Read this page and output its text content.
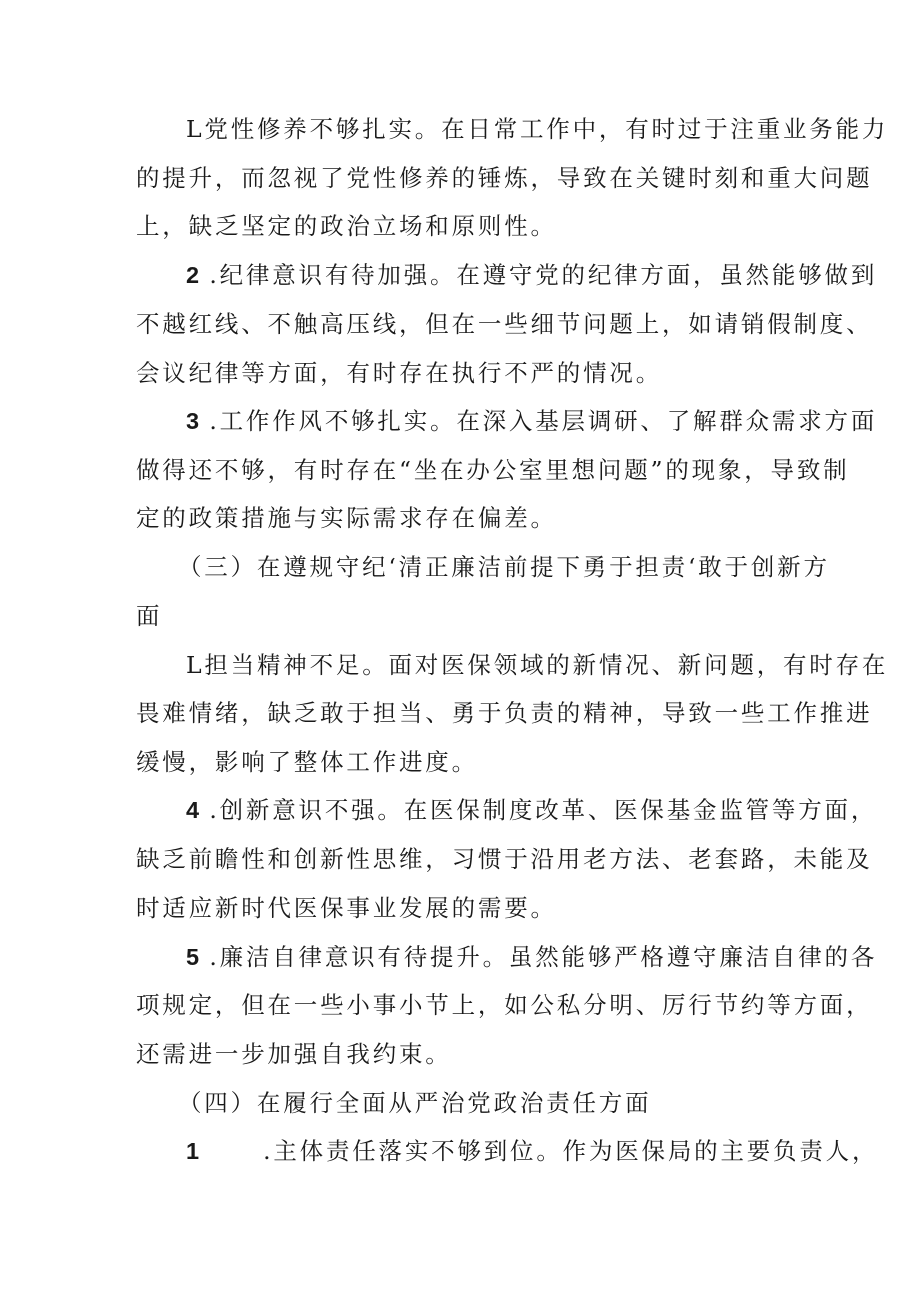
L党性修养不够扎实。在日常工作中，有时过于注重业务能力
的提升，而忽视了党性修养的锤炼，导致在关键时刻和重大问题
上，缺乏坚定的政治立场和原则性。
2 .纪律意识有待加强。在遵守党的纪律方面，虽然能够做到
不越红线、不触高压线，但在一些细节问题上，如请销假制度、
会议纪律等方面，有时存在执行不严的情况。
3 .工作作风不够扎实。在深入基层调研、了解群众需求方面
做得还不够，有时存在“坐在办公室里想问题”的现象，导致制
定的政策措施与实际需求存在偏差。
（三）在遵规守纪‘清正廉洁前提下勇于担责‘敢于创新方
面
L担当精神不足。面对医保领域的新情况、新问题，有时存在
畏难情绪，缺乏敢于担当、勇于负责的精神，导致一些工作推进
缓慢，影响了整体工作进度。
4 .创新意识不强。在医保制度改革、医保基金监管等方面，
缺乏前瞻性和创新性思维，习惯于沿用老方法、老套路，未能及
时适应新时代医保事业发展的需要。
5 .廉洁自律意识有待提升。虽然能够严格遵守廉洁自律的各
项规定，但在一些小事小节上，如公私分明、厉行节约等方面，
还需进一步加强自我约束。
（四）在履行全面从严治党政治责任方面
1	.主体责任落实不够到位。作为医保局的主要负责人，
